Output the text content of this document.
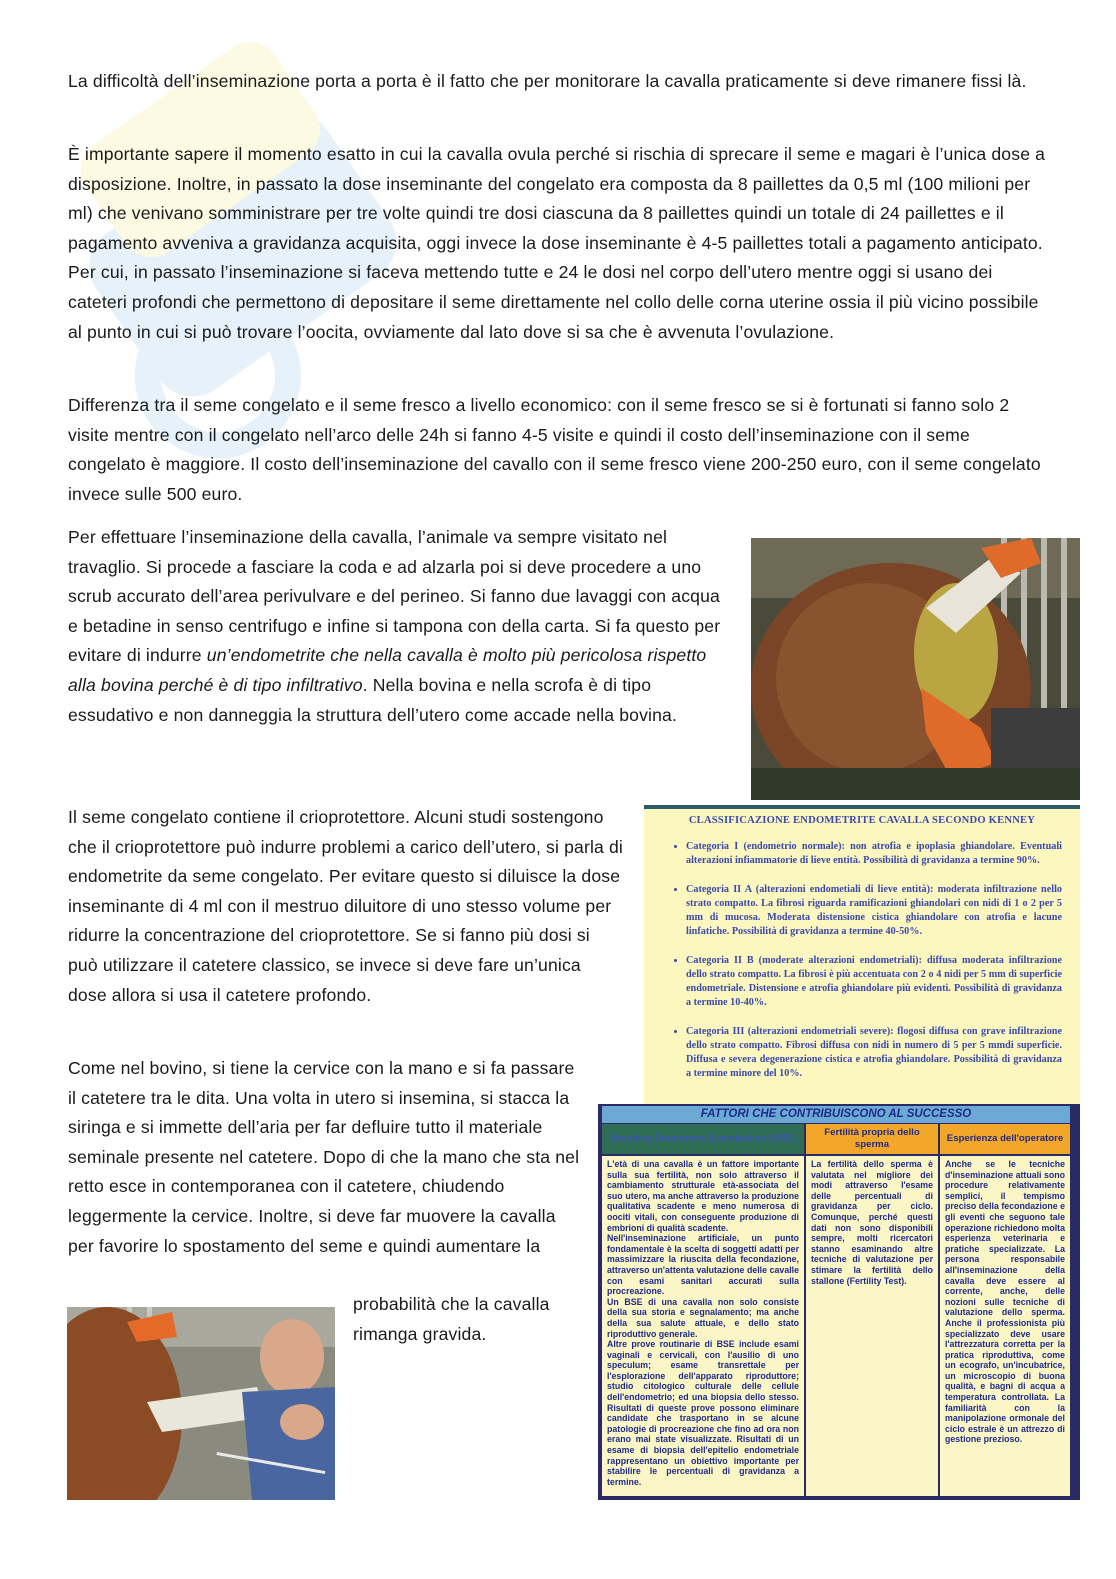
La difficoltà dell’inseminazione porta a porta è il fatto che per monitorare la cavalla praticamente si deve rimanere fissi là.

È importante sapere il momento esatto in cui la cavalla ovula perché si rischia di sprecare il seme e magari è l’unica dose a disposizione. Inoltre, in passato la dose inseminante del congelato era composta da 8 paillettes da 0,5 ml (100 milioni per ml) che venivano somministrare per tre volte quindi tre dosi ciascuna da 8 paillettes quindi un totale di 24 paillettes e il pagamento avveniva a gravidanza acquisita, oggi invece la dose inseminante è 4-5 paillettes totali a pagamento anticipato. Per cui, in passato l’inseminazione si faceva mettendo tutte e 24 le dosi nel corpo dell’utero mentre oggi si usano dei cateteri profondi che permettono di depositare il seme direttamente nel collo delle corna uterine ossia il più vicino possibile al punto in cui si può trovare l’oocita, ovviamente dal lato dove si sa che è avvenuta l’ovulazione.

Differenza tra il seme congelato e il seme fresco a livello economico: con il seme fresco se si è fortunati si fanno solo 2 visite mentre con il congelato nell’arco delle 24h si fanno 4-5 visite e quindi il costo dell’inseminazione con il seme congelato è maggiore. Il costo dell’inseminazione del cavallo con il seme fresco viene 200-250 euro, con il seme congelato invece sulle 500 euro.

Per effettuare l’inseminazione della cavalla, l’animale va sempre visitato nel travaglio. Si procede a fasciare la coda e ad alzarla poi si deve procedere a uno scrub accurato dell’area perivulvare e del perineo. Si fanno due lavaggi con acqua e betadine in senso centrifugo e infine si tampona con della carta. Si fa questo per evitare di indurre un’endometrite che nella cavalla è molto più pericolosa rispetto alla bovina perché è di tipo infiltrativo. Nella bovina e nella scrofa è di tipo essudativo e non danneggia la struttura dell’utero come accade nella bovina.

Il seme congelato contiene il crioprotettore. Alcuni studi sostengono che il crioprotettore può indurre problemi a carico dell’utero, si parla di endometrite da seme congelato. Per evitare questo si diluisce la dose inseminante di 4 ml con il mestruo diluitore di uno stesso volume per ridurre la concentrazione del crioprotettore. Se si fanno più dosi si può utilizzare il catetere classico, se invece si deve fare un’unica dose allora si usa il catetere profondo.

Come nel bovino, si tiene la cervice con la mano e si fa passare il catetere tra le dita. Una volta in utero si insemina, si stacca la siringa e si immette dell’aria per far defluire tutto il materiale seminale presente nel catetere. Dopo di che la mano che sta nel retto esce in contemporanea con il catetere, chiudendo leggermente la cervice. Inoltre, si deve far muovere la cavalla per favorire lo spostamento del seme e quindi aumentare la

probabilità che la cavalla rimanga gravida.

CLASSIFICAZIONE ENDOMETRITE CAVALLA SECONDO KENNEY
• Categoria I (endometrio normale): non atrofia e ipoplasia ghiandolare. Eventuali alterazioni infiammatorie di lieve entità. Possibilità di gravidanza a termine 90%.
• Categoria II A (alterazioni endometiali di lieve entità): moderata infiltrazione nello strato compatto. La fibrosi riguarda ramificazioni ghiandolari con nidi di 1 o 2 per 5 mm di mucosa. Moderata distensione cistica ghiandolare con atrofia e lacune linfatiche. Possibilità di gravidanza a termine 40-50%.
• Categoria II B (moderate alterazioni endometriali): diffusa moderata infiltrazione dello strato compatto. La fibrosi è più accentuata con 2 o 4 nidi per 5 mm di superficie endometriale. Distensione e atrofia ghiandolare più evidenti. Possibilità di gravidanza a termine 10-40%.
• Categoria III (alterazioni endometriali severe): flogosi diffusa con grave infiltrazione dello strato compatto. Fibrosi diffusa con nidi in numero di 5 per 5 mmdi superficie. Diffusa e severa degenerazione cistica e atrofia ghiandolare. Possibilità di gravidanza a termine minore del 10%.
FATTORI CHE CONTRIBUISCONO AL SUCCESSO
Breeding Soundness Examination (BSE)
Fertilità propria dello sperma
Esperienza dell'operatore

L'età di una cavalla è un fattore importante sulla sua fertilità, non solo attraverso il cambiamento strutturale età-associata del suo utero, ma anche attraverso la produzione qualitativa scadente e meno numerosa di oociti vitali, con conseguente produzione di embrioni di qualità scadente.

Nell'inseminazione artificiale, un punto fondamentale è la scelta di soggetti adatti per massimizzare la riuscita della fecondazione, attraverso un'attenta valutazione delle cavalle con esami sanitari accurati sulla procreazione.

Un BSE di una cavalla non solo consiste della sua storia e segnalamento; ma anche della sua salute attuale, e dello stato riproduttivo generale.

Altre prove routinarie di BSE include esami vaginali e cervicali, con l'ausilio di uno speculum; esame transrettale per l'esplorazione dell'apparato riproduttore; studio citologico culturale delle cellule dell'endometrio; ed una biopsia dello stesso. Risultati di queste prove possono eliminare candidate che trasportano in se alcune patologie di procreazione che fino ad ora non erano mai state visualizzate. Risultati di un esame di biopsia dell'epitelio endometriale rappresentano un obiettivo importante per stabilire le percentuali di gravidanza a termine.

La fertilità dello sperma è valutata nel migliore dei modi attraverso l'esame delle percentuali di gravidanza per ciclo. Comunque, perché questi dati non sono disponibili sempre, molti ricercatori stanno esaminando altre tecniche di valutazione per stimare la fertilità dello stallone (Fertility Test).

Anche se le tecniche d'inseminazione attuali sono procedure relativamente semplici, il tempismo preciso della fecondazione e gli eventi che seguono tale operazione richiedono molta esperienza veterinaria e pratiche specializzate. La persona responsabile all'inseminazione della cavalla deve essere al corrente, anche, delle nozioni sulle tecniche di valutazione dello sperma. Anche il professionista più specializzato deve usare l'attrezzatura corretta per la pratica riproduttiva, come un ecografo, un'incubatrice, un microscopio di buona qualità, e bagni di acqua a temperatura controllata. La familiarità con la manipolazione ormonale del ciclo estrale è un attrezzo di gestione prezioso.
